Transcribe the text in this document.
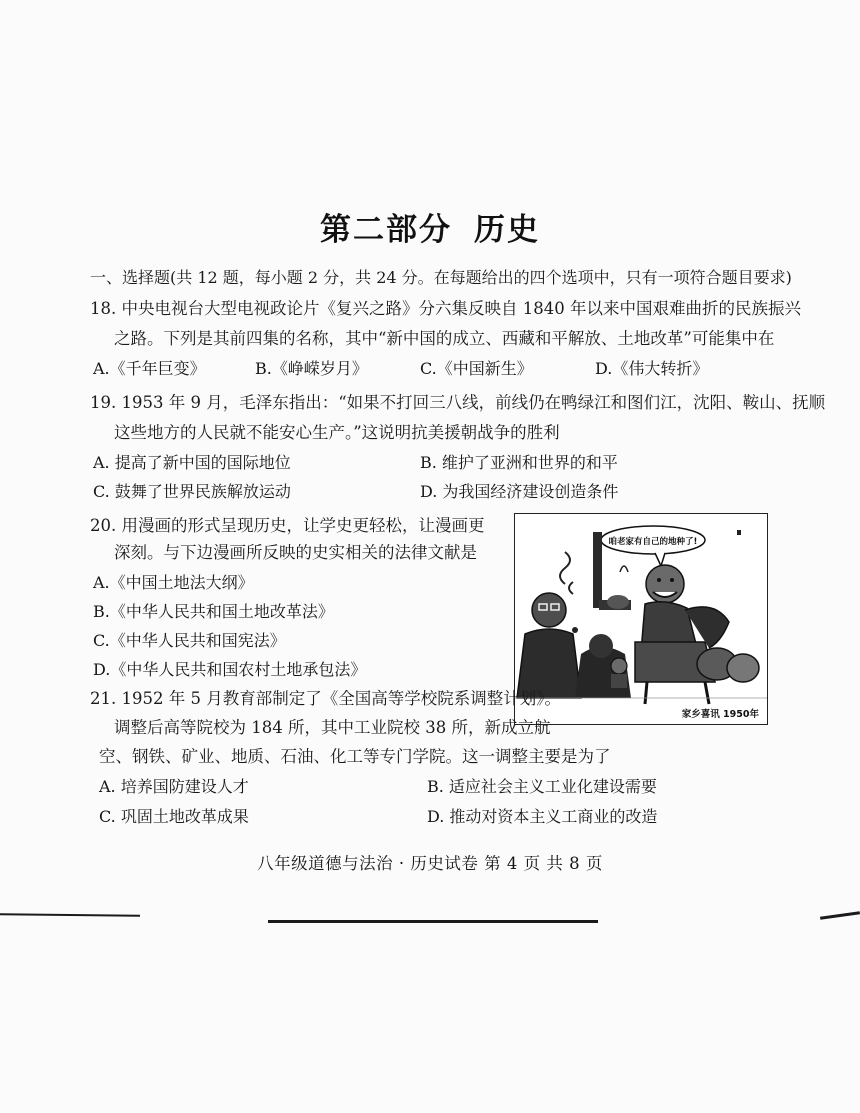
第二部分 历史
一、选择题(共 12 题，每小题 2 分，共 24 分。在每题给出的四个选项中，只有一项符合题目要求)
18. 中央电视台大型电视政论片《复兴之路》分六集反映自 1840 年以来中国艰难曲折的民族振兴
之路。下列是其前四集的名称，其中“新中国的成立、西藏和平解放、土地改革”可能集中在
A.《千年巨变》	B.《峥嵘岁月》	C.《中国新生》	D.《伟大转折》
19. 1953 年 9 月，毛泽东指出：“如果不打回三八线，前线仍在鸭绿江和图们江，沈阳、鞍山、抚顺
这些地方的人民就不能安心生产。”这说明抗美援朝战争的胜利
A. 提高了新中国的国际地位	B. 维护了亚洲和世界的和平
C. 鼓舞了世界民族解放运动	D. 为我国经济建设创造条件
20. 用漫画的形式呈现历史，让学史更轻松，让漫画更
深刻。与下边漫画所反映的史实相关的法律文献是
A.《中国土地法大纲》
B.《中华人民共和国土地改革法》
C.《中华人民共和国宪法》
D.《中华人民共和国农村土地承包法》
咱老家有自己的地种了!
家乡喜讯 1950年
21. 1952 年 5 月教育部制定了《全国高等学校院系调整计划》。
调整后高等院校为 184 所，其中工业院校 38 所，新成立航
空、钢铁、矿业、地质、石油、化工等专门学院。这一调整主要是为了
A. 培养国防建设人才	B. 适应社会主义工业化建设需要
C. 巩固土地改革成果	D. 推动对资本主义工商业的改造
八年级道德与法治 · 历史试卷 第 4 页 共 8 页
